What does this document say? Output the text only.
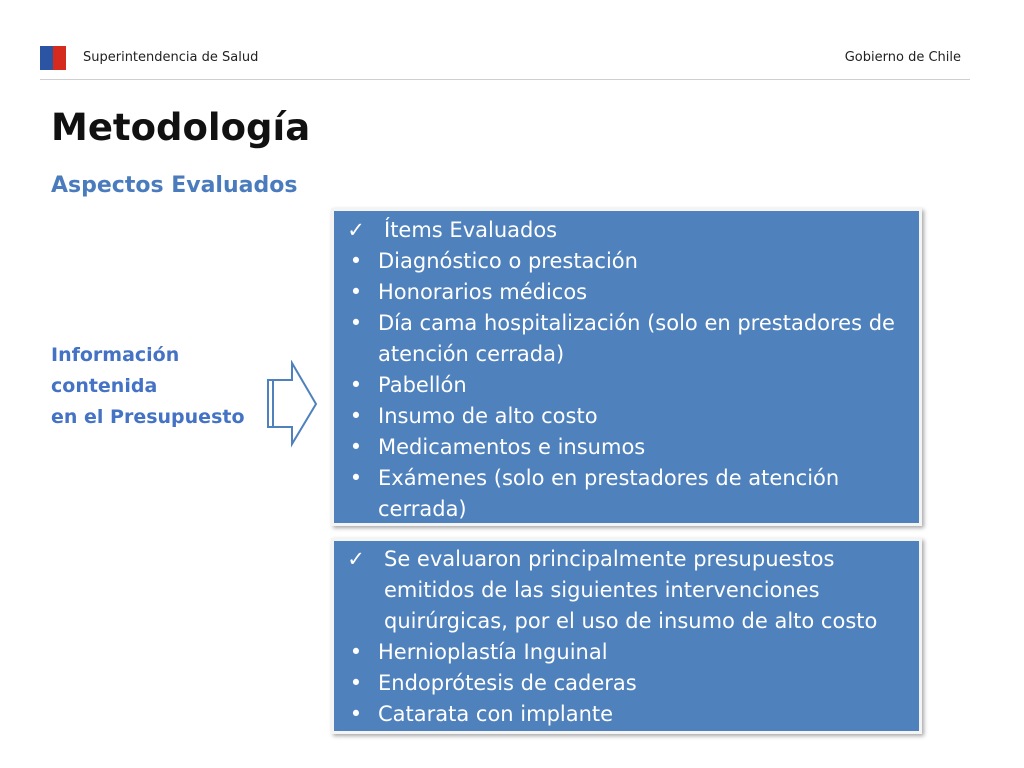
Superintendencia de Salud	Gobierno de Chile
Metodología
Aspectos Evaluados
Información
contenida
en el Presupuesto
✓ Ítems Evaluados
• Diagnóstico o prestación
• Honorarios médicos
• Día cama hospitalización (solo en prestadores de atención cerrada)
• Pabellón
• Insumo de alto costo
• Medicamentos e insumos
• Exámenes (solo en prestadores de atención cerrada)
✓ Se evaluaron principalmente presupuestos emitidos de las siguientes intervenciones quirúrgicas, por el uso de insumo de alto costo
• Hernioplastía Inguinal
• Endoprótesis de caderas
• Catarata con implante
